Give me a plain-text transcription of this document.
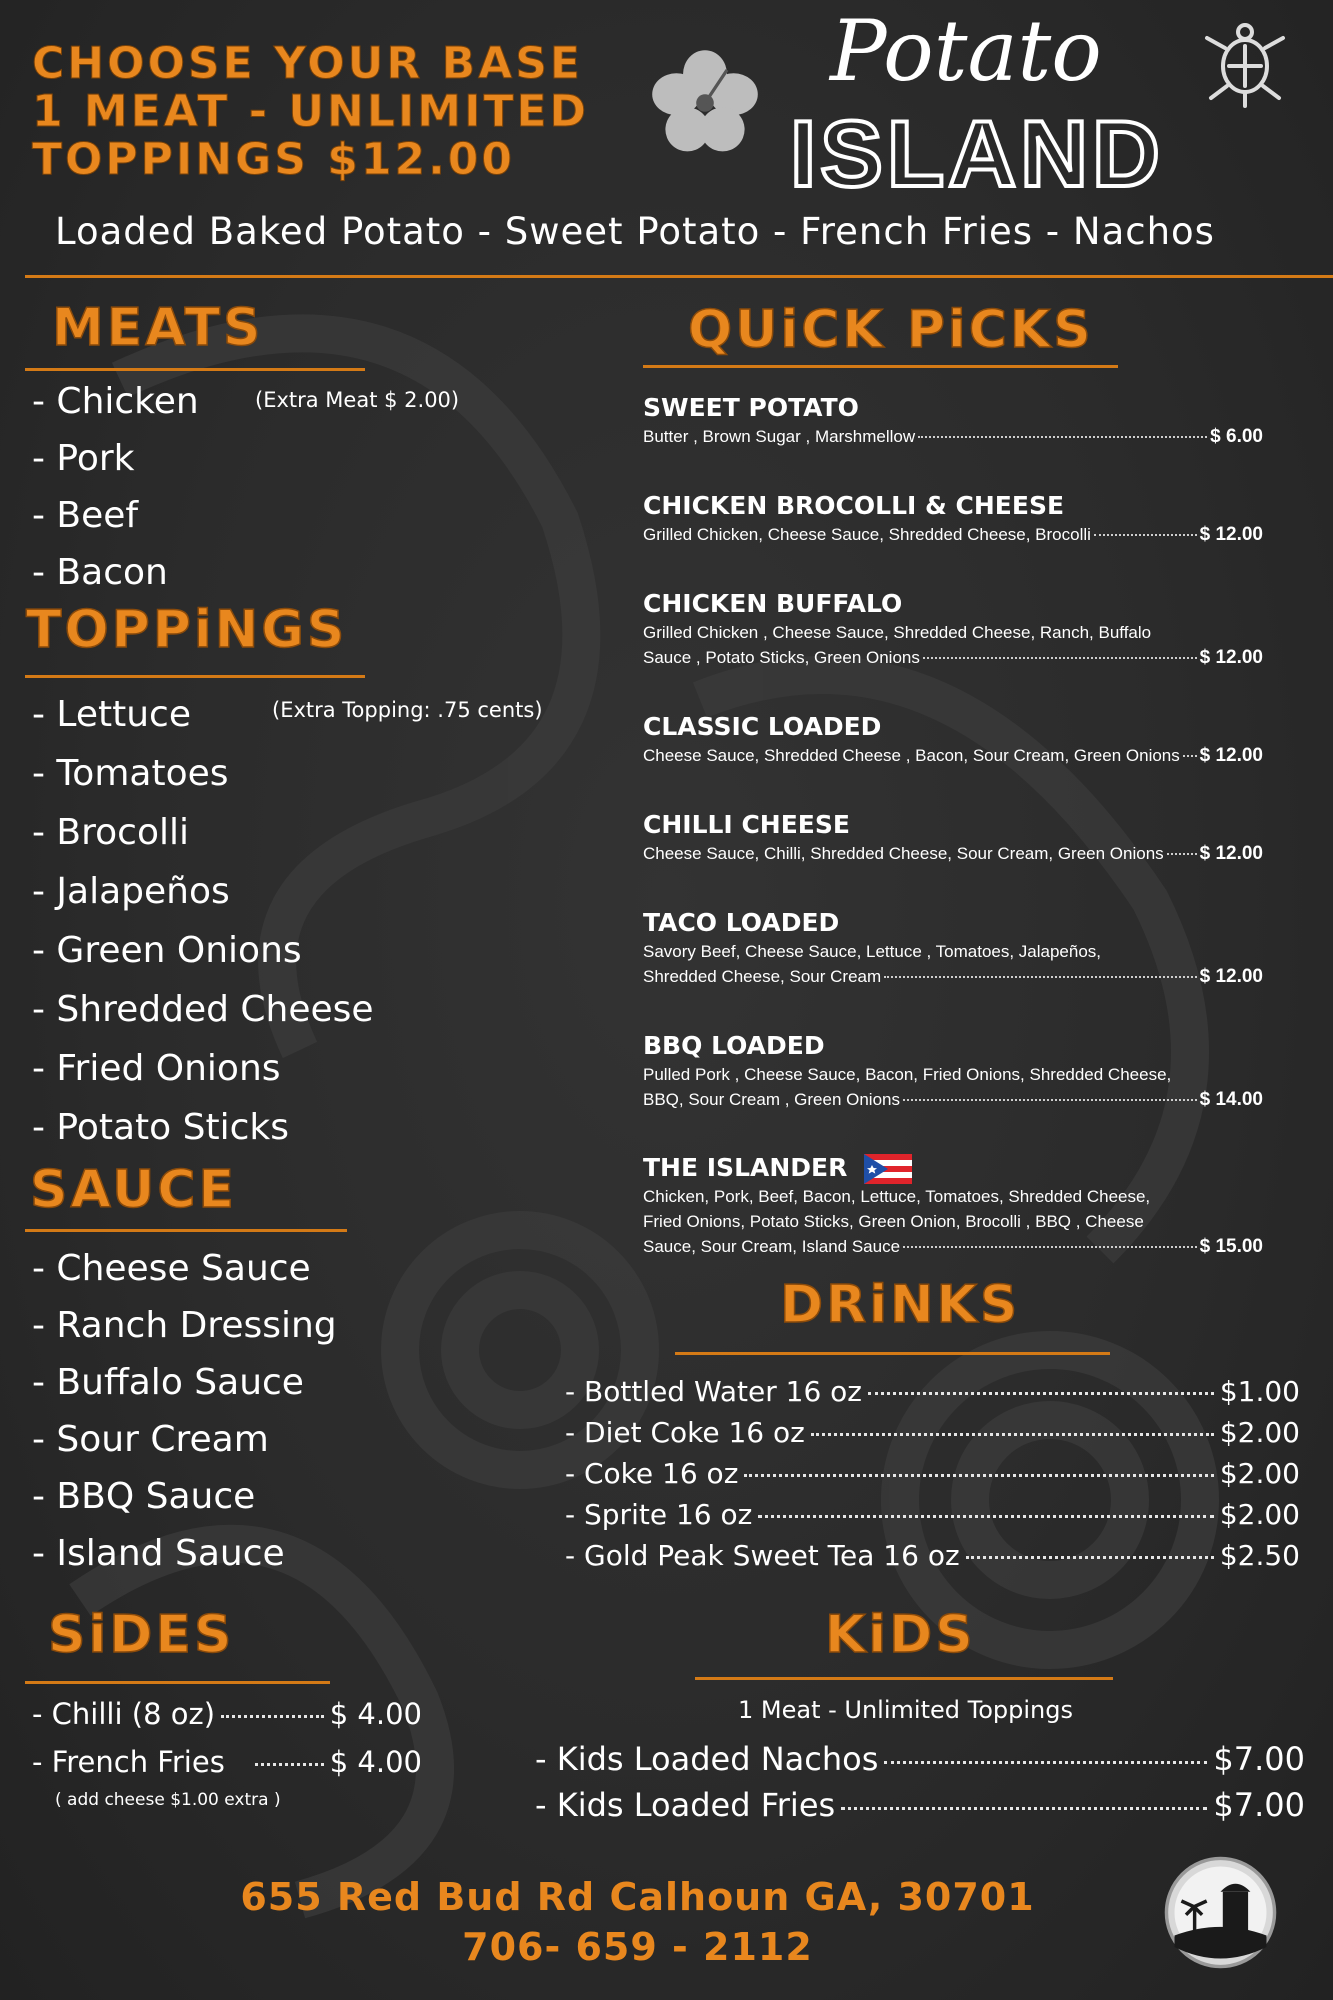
CHOOSE YOUR BASE
1 MEAT - UNLIMITED
TOPPINGS $12.00
Potato
ISLAND
Loaded Baked Potato - Sweet Potato - French Fries - Nachos
MEATS
- Chicken
- Pork
- Beef
- Bacon
(Extra Meat $ 2.00)
TOPPiNGS
- Lettuce
- Tomatoes
- Brocolli
- Jalapeños
- Green Onions
- Shredded Cheese
- Fried Onions
- Potato Sticks
(Extra Topping: .75 cents)
SAUCE
- Cheese Sauce
- Ranch Dressing
- Buffalo Sauce
- Sour Cream
- BBQ Sauce
- Island Sauce
SiDES
- Chilli (8 oz)	$ 4.00
- French Fries	$ 4.00
( add cheese $1.00 extra )
QUiCK PiCKS
SWEET POTATO
Butter , Brown Sugar , Marshmellow	$ 6.00
CHICKEN BROCOLLI & CHEESE
Grilled Chicken, Cheese Sauce, Shredded Cheese, Brocolli	$ 12.00
CHICKEN BUFFALO
Grilled Chicken , Cheese Sauce, Shredded Cheese, Ranch, Buffalo
Sauce , Potato Sticks, Green Onions	$ 12.00
CLASSIC LOADED
Cheese Sauce, Shredded Cheese , Bacon, Sour Cream, Green Onions $ 12.00
CHILLI CHEESE
Cheese Sauce, Chilli, Shredded Cheese, Sour Cream, Green Onions $ 12.00
TACO LOADED
Savory Beef, Cheese Sauce, Lettuce , Tomatoes, Jalapeños,
Shredded Cheese, Sour Cream	$ 12.00
BBQ LOADED
Pulled Pork , Cheese Sauce, Bacon, Fried Onions, Shredded Cheese,
BBQ, Sour Cream , Green Onions	$ 14.00
THE ISLANDER
Chicken, Pork, Beef, Bacon, Lettuce, Tomatoes, Shredded Cheese,
Fried Onions, Potato Sticks, Green Onion, Brocolli , BBQ , Cheese
Sauce, Sour Cream, Island Sauce	$ 15.00
DRiNKS
- Bottled Water 16 oz	$1.00
- Diet Coke 16 oz	$2.00
- Coke 16 oz	$2.00
- Sprite 16 oz	$2.00
- Gold Peak Sweet Tea 16 oz	$2.50
KiDS
1 Meat - Unlimited Toppings
- Kids Loaded Nachos	$7.00
- Kids Loaded Fries	$7.00
655 Red Bud Rd Calhoun GA, 30701
706- 659 - 2112
